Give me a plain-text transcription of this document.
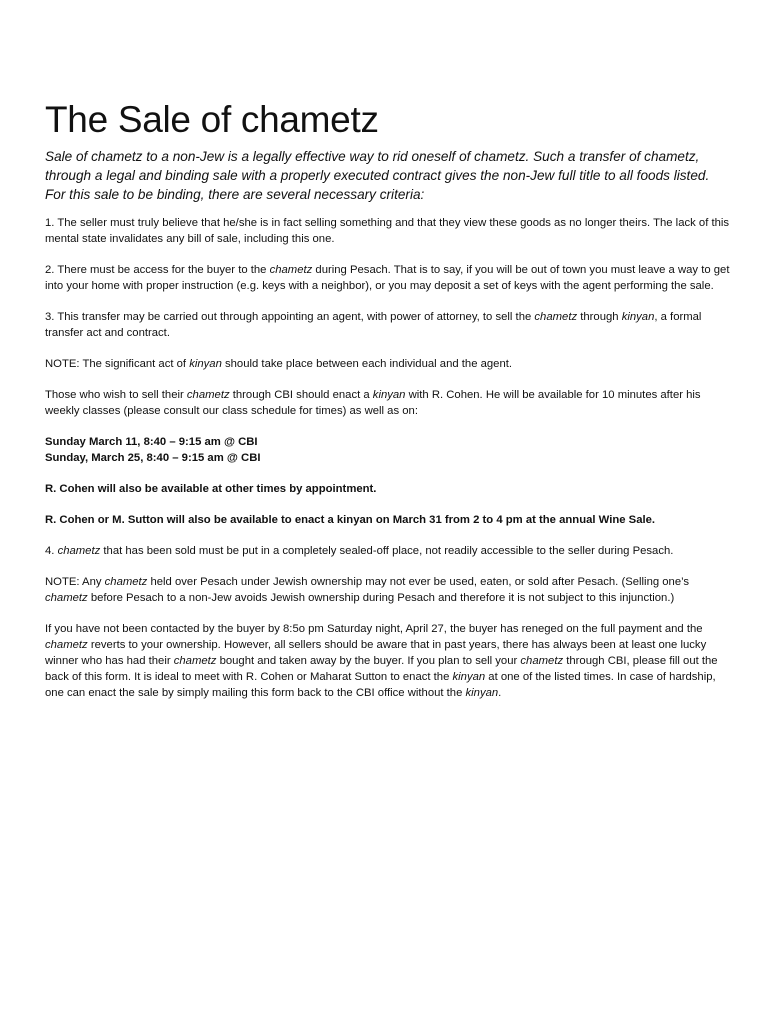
The Sale of chametz

Sale of chametz to a non-Jew is a legally effective way to rid oneself of chametz. Such a transfer of chametz, through a legal and binding sale with a properly executed contract gives the non-Jew full title to all foods listed. For this sale to be binding, there are several necessary criteria:

1. The seller must truly believe that he/she is in fact selling something and that they view these goods as no longer theirs. The lack of this mental state invalidates any bill of sale, including this one.

2. There must be access for the buyer to the chametz during Pesach. That is to say, if you will be out of town you must leave a way to get into your home with proper instruction (e.g. keys with a neighbor), or you may deposit a set of keys with the agent performing the sale.

3. This transfer may be carried out through appointing an agent, with power of attorney, to sell the chametz through kinyan, a formal transfer act and contract.

NOTE: The significant act of kinyan should take place between each individual and the agent.

Those who wish to sell their chametz through CBI should enact a kinyan with R. Cohen. He will be available for 10 minutes after his weekly classes (please consult our class schedule for times) as well as on:

Sunday March 11, 8:40 – 9:15 am @ CBI
Sunday, March 25, 8:40 – 9:15 am @ CBI

R. Cohen will also be available at other times by appointment.

R. Cohen or M. Sutton will also be available to enact a kinyan on March 31 from 2 to 4 pm at the annual Wine Sale.

4. chametz that has been sold must be put in a completely sealed-off place, not readily accessible to the seller during Pesach.

NOTE: Any chametz held over Pesach under Jewish ownership may not ever be used, eaten, or sold after Pesach. (Selling one’s chametz before Pesach to a non-Jew avoids Jewish ownership during Pesach and therefore it is not subject to this injunction.)

If you have not been contacted by the buyer by 8:5o pm Saturday night, April 27, the buyer has reneged on the full payment and the chametz reverts to your ownership. However, all sellers should be aware that in past years, there has always been at least one lucky winner who has had their chametz bought and taken away by the buyer. If you plan to sell your chametz through CBI, please fill out the back of this form. It is ideal to meet with R. Cohen or Maharat Sutton to enact the kinyan at one of the listed times. In case of hardship, one can enact the sale by simply mailing this form back to the CBI office without the kinyan.
